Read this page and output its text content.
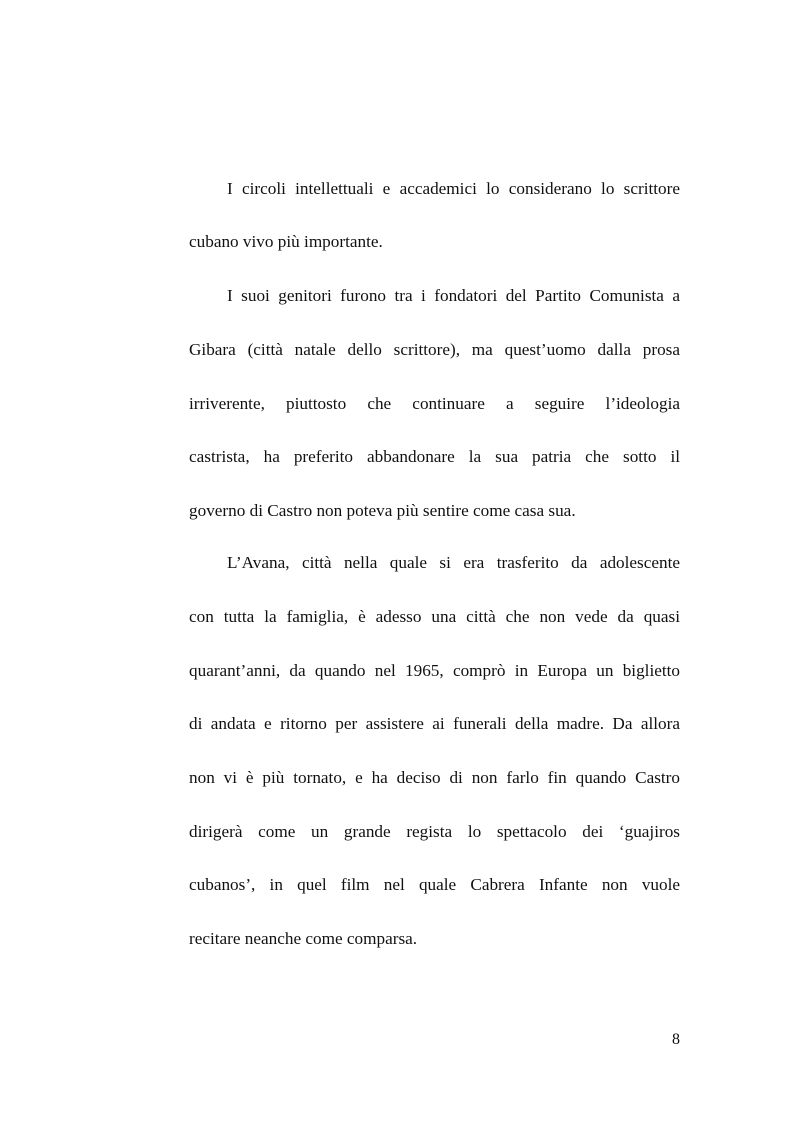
I circoli intellettuali e accademici lo considerano lo scrittore
cubano vivo più importante.
I suoi genitori furono tra i fondatori del Partito Comunista a
Gibara (città natale dello scrittore), ma quest’uomo dalla prosa
irriverente, piuttosto che continuare a seguire l’ideologia
castrista, ha preferito abbandonare la sua patria che sotto il
governo di Castro non poteva più sentire come casa sua.
L’Avana, città nella quale si era trasferito da adolescente
con tutta la famiglia, è adesso una città che non vede da quasi
quarant’anni, da quando nel 1965, comprò in Europa un biglietto
di andata e ritorno per assistere ai funerali della madre. Da allora
non vi è più tornato, e ha deciso di non farlo fin quando Castro
dirigerà come un grande regista lo spettacolo dei ‘guajiros
cubanos’, in quel film nel quale Cabrera Infante non vuole
recitare neanche come comparsa.
8
